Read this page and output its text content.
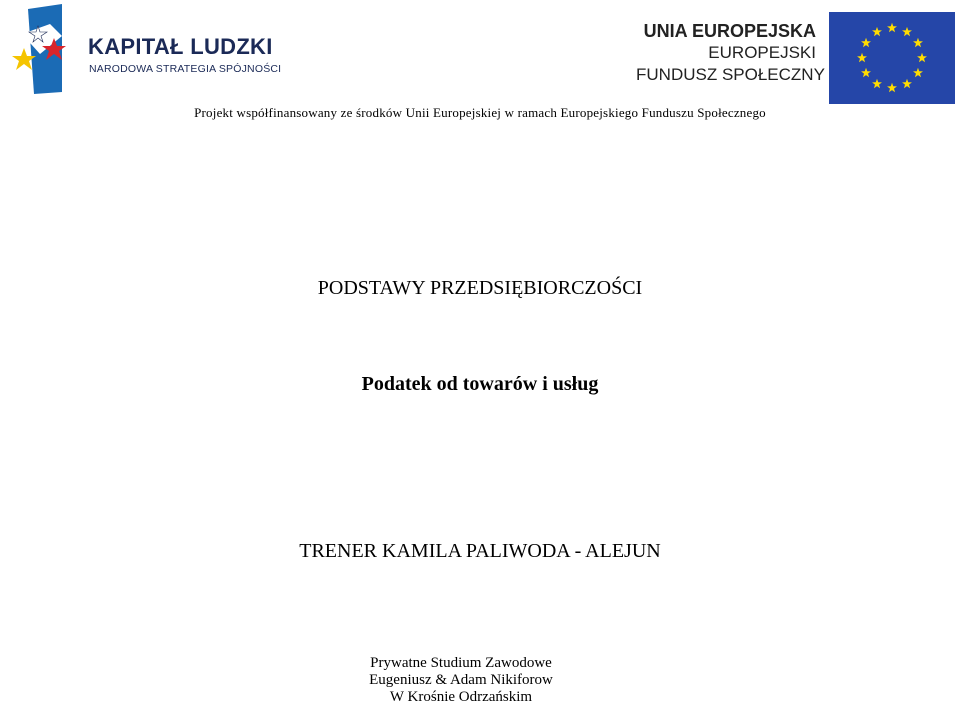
KAPITAŁ LUDZKI
NARODOWA STRATEGIA SPÓJNOŚCI
UNIA EUROPEJSKA
EUROPEJSKI
FUNDUSZ SPOŁECZNY
Projekt współfinansowany ze środków Unii Europejskiej w ramach Europejskiego Funduszu Społecznego
PODSTAWY PRZEDSIĘBIORCZOŚCI
Podatek od towarów i usług
TRENER KAMILA PALIWODA - ALEJUN
Prywatne Studium Zawodowe
Eugeniusz & Adam Nikiforow
W Krośnie Odrzańskim
